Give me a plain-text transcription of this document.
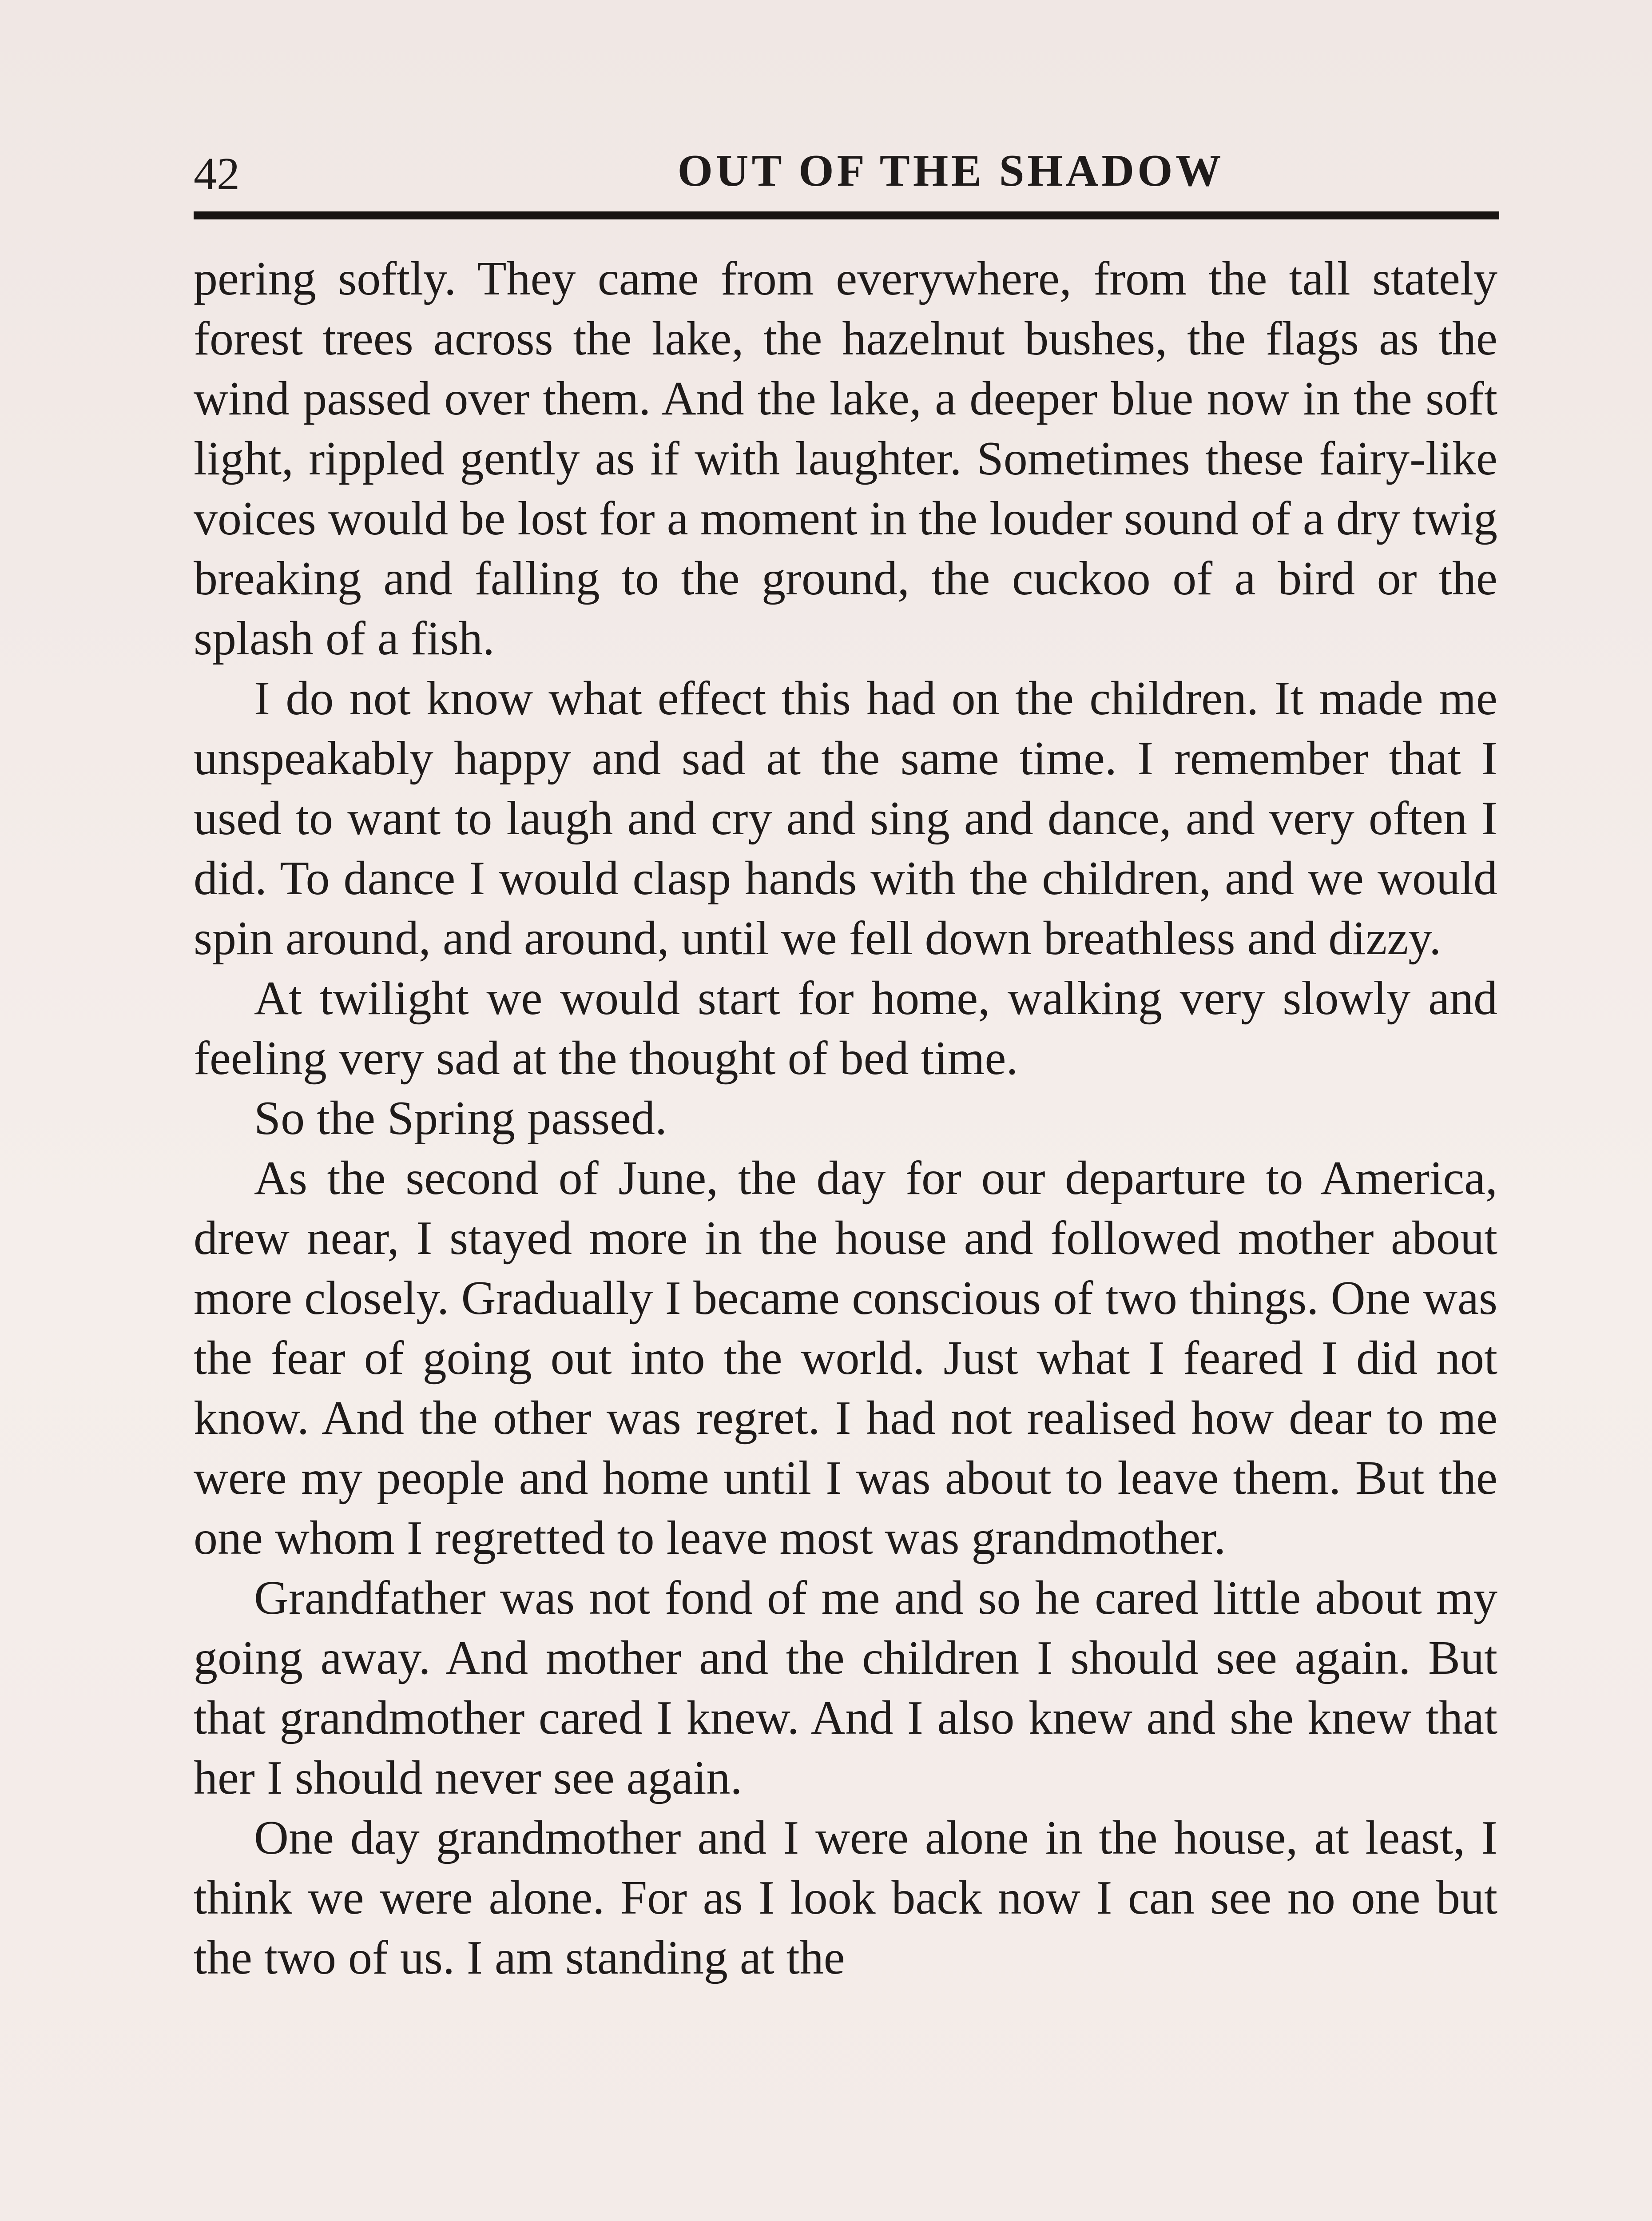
42	OUT OF THE SHADOW

pering softly. They came from everywhere, from the tall stately forest trees across the lake, the hazelnut bushes, the flags as the wind passed over them. And the lake, a deeper blue now in the soft light, rippled gently as if with laughter. Sometimes these fairy-like voices would be lost for a moment in the louder sound of a dry twig breaking and falling to the ground, the cuckoo of a bird or the splash of a fish.

I do not know what effect this had on the children. It made me unspeakably happy and sad at the same time. I remember that I used to want to laugh and cry and sing and dance, and very often I did. To dance I would clasp hands with the children, and we would spin around, and around, until we fell down breathless and dizzy.

At twilight we would start for home, walking very slowly and feeling very sad at the thought of bed time.

So the Spring passed.

As the second of June, the day for our departure to America, drew near, I stayed more in the house and followed mother about more closely. Gradually I became conscious of two things. One was the fear of going out into the world. Just what I feared I did not know. And the other was regret. I had not realised how dear to me were my people and home until I was about to leave them. But the one whom I regretted to leave most was grandmother.

Grandfather was not fond of me and so he cared little about my going away. And mother and the children I should see again. But that grandmother cared I knew. And I also knew and she knew that her I should never see again.

One day grandmother and I were alone in the house, at least, I think we were alone. For as I look back now I can see no one but the two of us. I am standing at the
